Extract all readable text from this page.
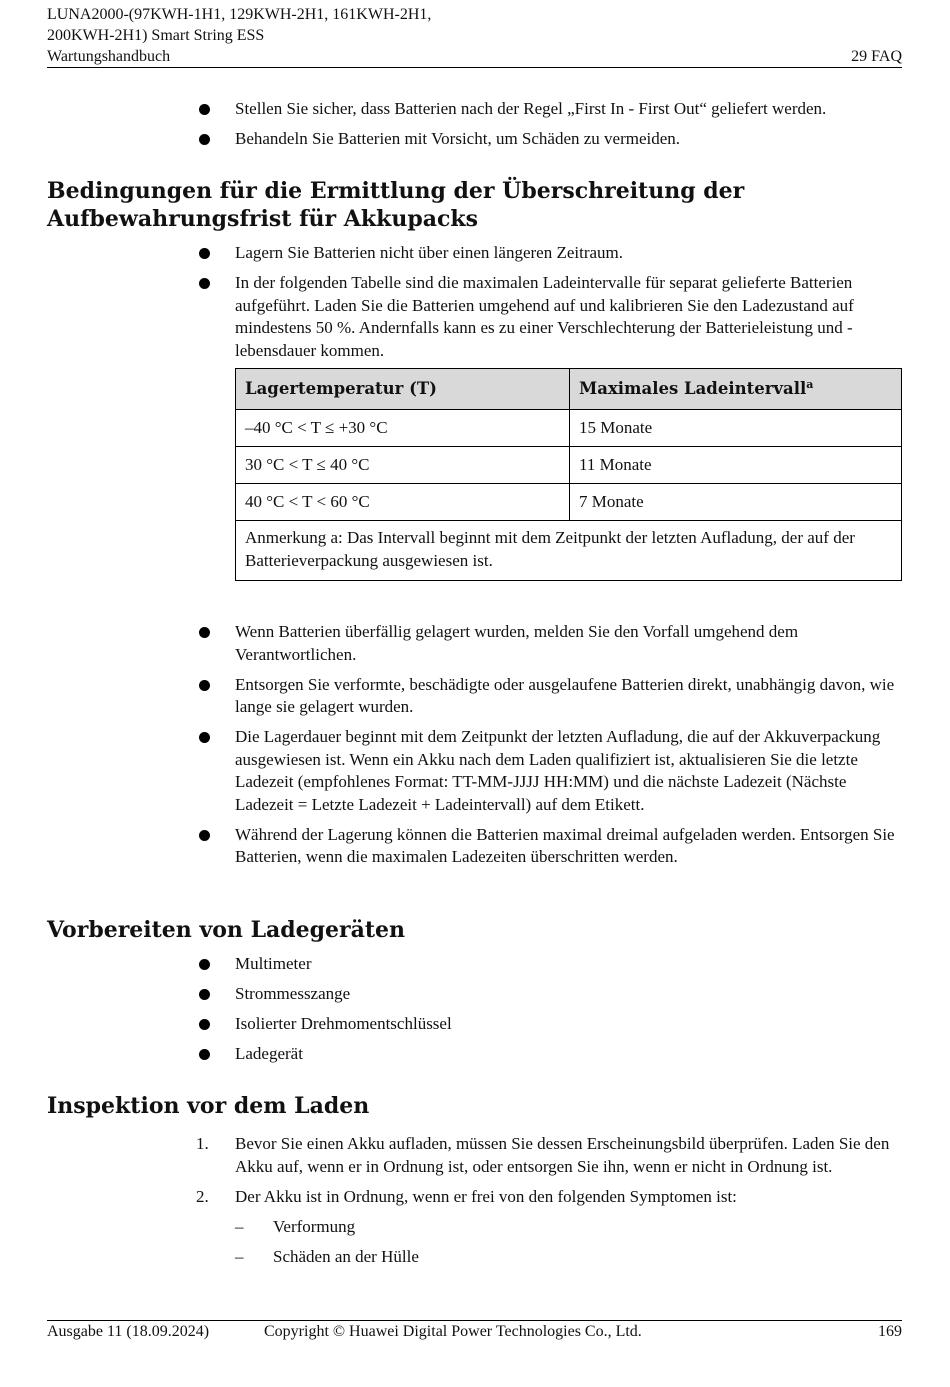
LUNA2000-(97KWH-1H1, 129KWH-2H1, 161KWH-2H1,
200KWH-2H1) Smart String ESS
Wartungshandbuch	29 FAQ
Stellen Sie sicher, dass Batterien nach der Regel „First In - First Out“ geliefert werden.
Behandeln Sie Batterien mit Vorsicht, um Schäden zu vermeiden.
Bedingungen für die Ermittlung der Überschreitung der Aufbewahrungsfrist für Akkupacks
Lagern Sie Batterien nicht über einen längeren Zeitraum.
In der folgenden Tabelle sind die maximalen Ladeintervalle für separat gelieferte Batterien aufgeführt. Laden Sie die Batterien umgehend auf und kalibrieren Sie den Ladezustand auf mindestens 50 %. Andernfalls kann es zu einer Verschlechterung der Batterieleistung und -lebensdauer kommen.
Lagertemperatur (T)	Maximales Ladeintervall$^a$
–40 °C < T ≤ +30 °C	15 Monate
30 °C < T ≤ 40 °C	11 Monate
40 °C < T < 60 °C	7 Monate
Anmerkung a: Das Intervall beginnt mit dem Zeitpunkt der letzten Aufladung, der auf der Batterieverpackung ausgewiesen ist.	
Wenn Batterien überfällig gelagert wurden, melden Sie den Vorfall umgehend dem Verantwortlichen.
Entsorgen Sie verformte, beschädigte oder ausgelaufene Batterien direkt, unabhängig davon, wie lange sie gelagert wurden.
Die Lagerdauer beginnt mit dem Zeitpunkt der letzten Aufladung, die auf der Akkuverpackung ausgewiesen ist. Wenn ein Akku nach dem Laden qualifiziert ist, aktualisieren Sie die letzte Ladezeit (empfohlenes Format: TT-MM-JJJJ HH:MM) und die nächste Ladezeit (Nächste Ladezeit = Letzte Ladezeit + Ladeintervall) auf dem Etikett.
Während der Lagerung können die Batterien maximal dreimal aufgeladen werden. Entsorgen Sie Batterien, wenn die maximalen Ladezeiten überschritten werden.
Vorbereiten von Ladegeräten
Multimeter
Strommesszange
Isolierter Drehmomentschlüssel
Ladegerät
Inspektion vor dem Laden
1. Bevor Sie einen Akku aufladen, müssen Sie dessen Erscheinungsbild überprüfen. Laden Sie den Akku auf, wenn er in Ordnung ist, oder entsorgen Sie ihn, wenn er nicht in Ordnung ist.
2. Der Akku ist in Ordnung, wenn er frei von den folgenden Symptomen ist:
– Verformung
– Schäden an der Hülle
Ausgabe 11 (18.09.2024)	Copyright © Huawei Digital Power Technologies Co., Ltd.	169
